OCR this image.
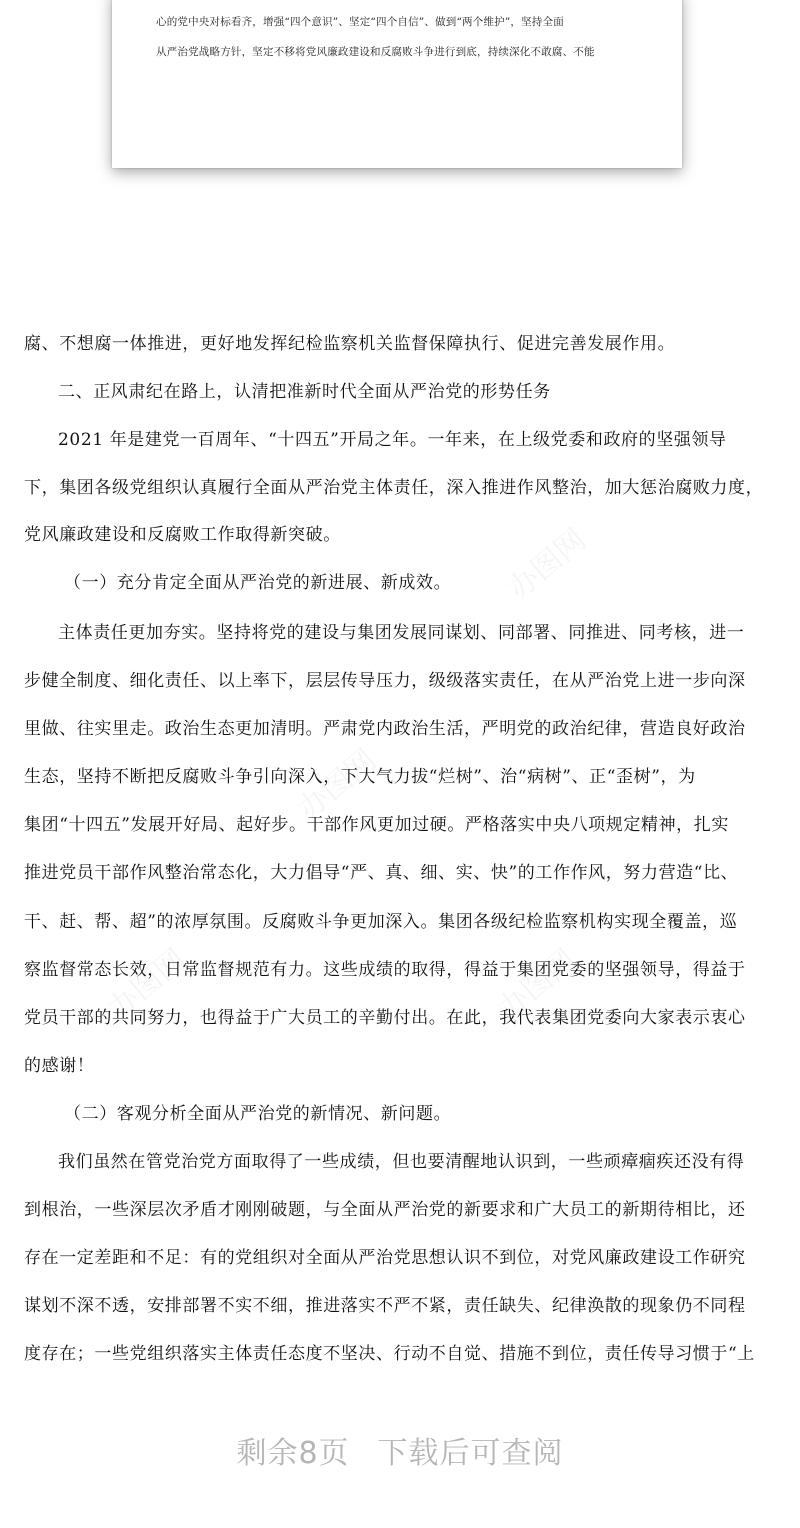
心的党中央对标看齐，增强“四个意识”、坚定“四个自信”、做到“两个维护”，坚持全面
从严治党战略方针，坚定不移将党风廉政建设和反腐败斗争进行到底，持续深化不敢腐、不能
腐、不想腐一体推进，更好地发挥纪检监察机关监督保障执行、促进完善发展作用。
二、正风肃纪在路上，认清把准新时代全面从严治党的形势任务
2021 年是建党一百周年、“十四五”开局之年。一年来，在上级党委和政府的坚强领导
下，集团各级党组织认真履行全面从严治党主体责任，深入推进作风整治，加大惩治腐败力度，
党风廉政建设和反腐败工作取得新突破。
（一）充分肯定全面从严治党的新进展、新成效。
主体责任更加夯实。坚持将党的建设与集团发展同谋划、同部署、同推进、同考核，进一
步健全制度、细化责任、以上率下，层层传导压力，级级落实责任，在从严治党上进一步向深
里做、往实里走。政治生态更加清明。严肃党内政治生活，严明党的政治纪律，营造良好政治
生态，坚持不断把反腐败斗争引向深入，下大气力拔“烂树”、治“病树”、正“歪树”，为
集团“十四五”发展开好局、起好步。干部作风更加过硬。严格落实中央八项规定精神，扎实
推进党员干部作风整治常态化，大力倡导“严、真、细、实、快”的工作作风，努力营造“比、
干、赶、帮、超”的浓厚氛围。反腐败斗争更加深入。集团各级纪检监察机构实现全覆盖，巡
察监督常态长效，日常监督规范有力。这些成绩的取得，得益于集团党委的坚强领导，得益于
党员干部的共同努力，也得益于广大员工的辛勤付出。在此，我代表集团党委向大家表示衷心
的感谢！
（二）客观分析全面从严治党的新情况、新问题。
我们虽然在管党治党方面取得了一些成绩，但也要清醒地认识到，一些顽瘴痼疾还没有得
到根治，一些深层次矛盾才刚刚破题，与全面从严治党的新要求和广大员工的新期待相比，还
存在一定差距和不足：有的党组织对全面从严治党思想认识不到位，对党风廉政建设工作研究
谋划不深不透，安排部署不实不细，推进落实不严不紧，责任缺失、纪律涣散的现象仍不同程
度存在；一些党组织落实主体责任态度不坚决、行动不自觉、措施不到位，责任传导习惯于“上
剩余8页 下载后可查阅
